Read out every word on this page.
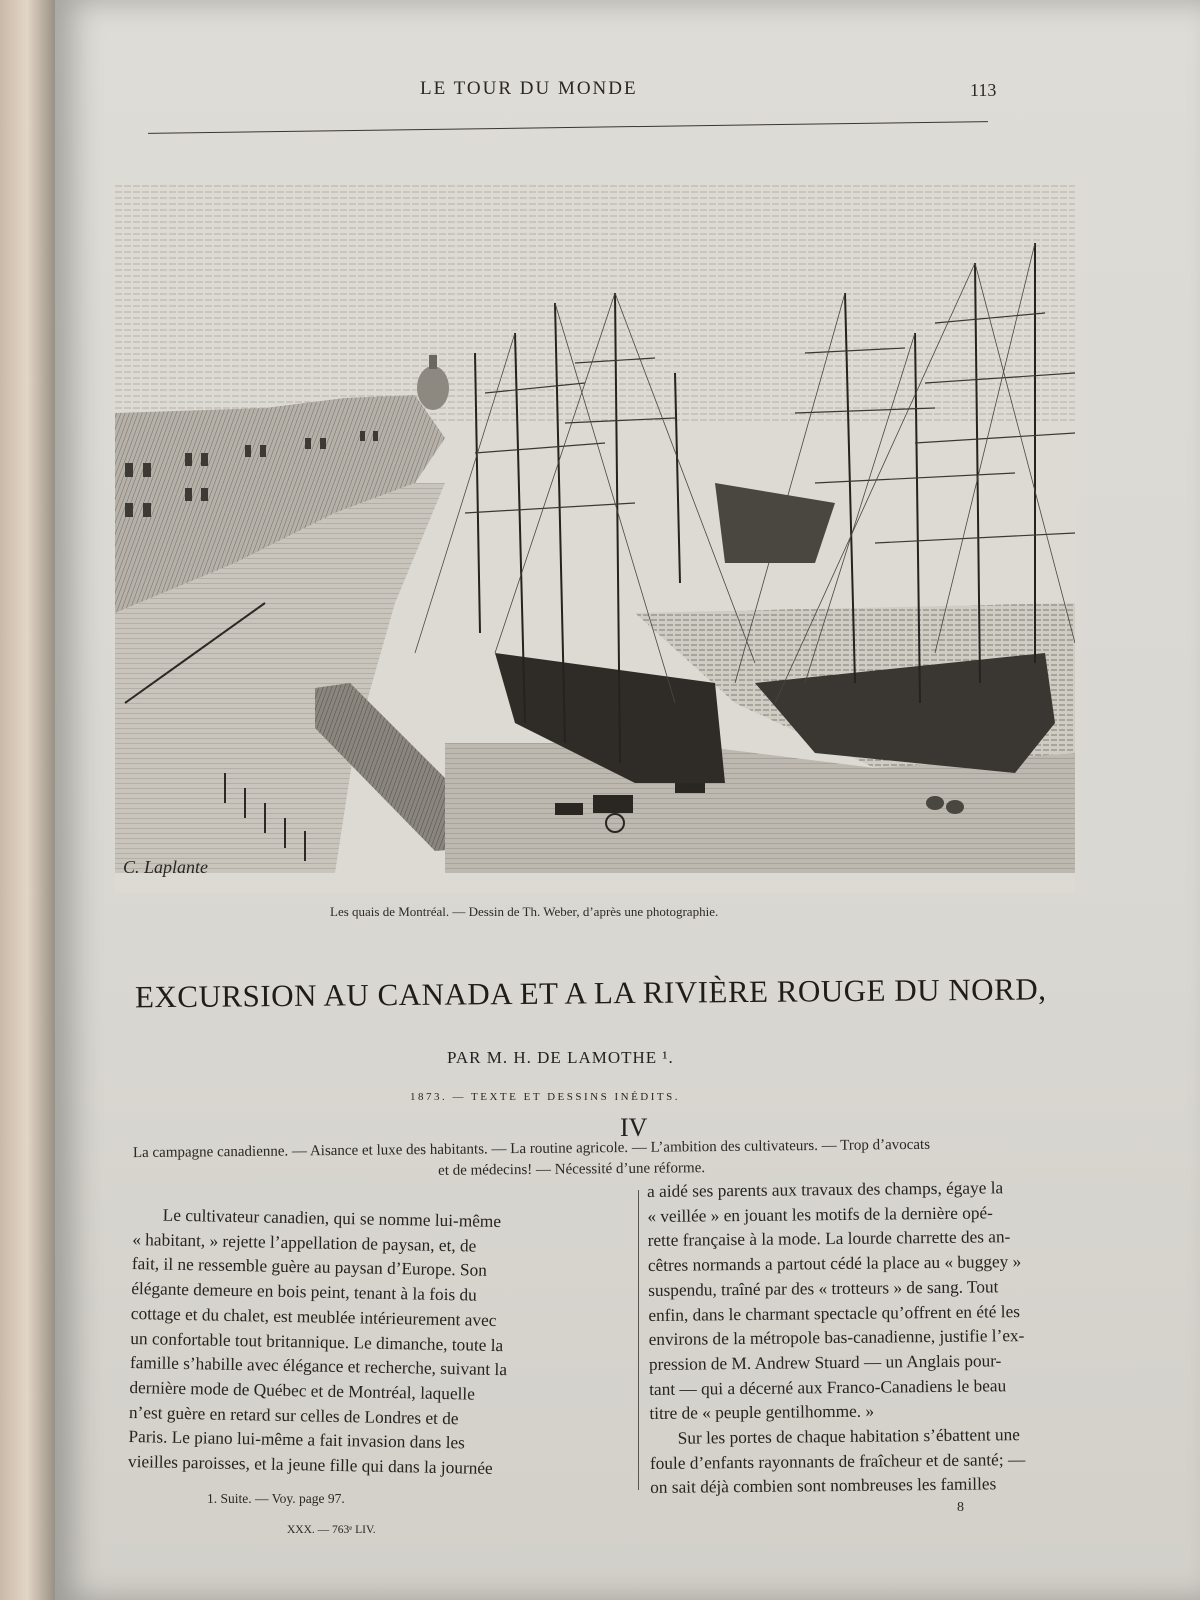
LE TOUR DU MONDE	113
C. Laplante
Les quais de Montréal. — Dessin de Th. Weber, d’après une photographie.
EXCURSION AU CANADA ET A LA RIVIÈRE ROUGE DU NORD,
PAR M. H. DE LAMOTHE ¹.
1873. — TEXTE ET DESSINS INÉDITS.
IV
La campagne canadienne. — Aisance et luxe des habitants. — La routine agricole. — L’ambition des cultivateurs. — Trop d’avocats
et de médecins! — Nécessité d’une réforme.
Le cultivateur canadien, qui se nomme lui-même
« habitant, » rejette l’appellation de paysan, et, de
fait, il ne ressemble guère au paysan d’Europe. Son
élégante demeure en bois peint, tenant à la fois du
cottage et du chalet, est meublée intérieurement avec
un confortable tout britannique. Le dimanche, toute la
famille s’habille avec élégance et recherche, suivant la
dernière mode de Québec et de Montréal, laquelle
n’est guère en retard sur celles de Londres et de
Paris. Le piano lui-même a fait invasion dans les
vieilles paroisses, et la jeune fille qui dans la journée
a aidé ses parents aux travaux des champs, égaye la
« veillée » en jouant les motifs de la dernière opé-
rette française à la mode. La lourde charrette des an-
cêtres normands a partout cédé la place au « buggey »
suspendu, traîné par des « trotteurs » de sang. Tout
enfin, dans le charmant spectacle qu’offrent en été les
environs de la métropole bas-canadienne, justifie l’ex-
pression de M. Andrew Stuard — un Anglais pour-
tant — qui a décerné aux Franco-Canadiens le beau
titre de « peuple gentilhomme. »
Sur les portes de chaque habitation s’ébattent une
foule d’enfants rayonnants de fraîcheur et de santé; —
on sait déjà combien sont nombreuses les familles
1. Suite. — Voy. page 97.
XXX. — 763ᵉ LIV.
8
